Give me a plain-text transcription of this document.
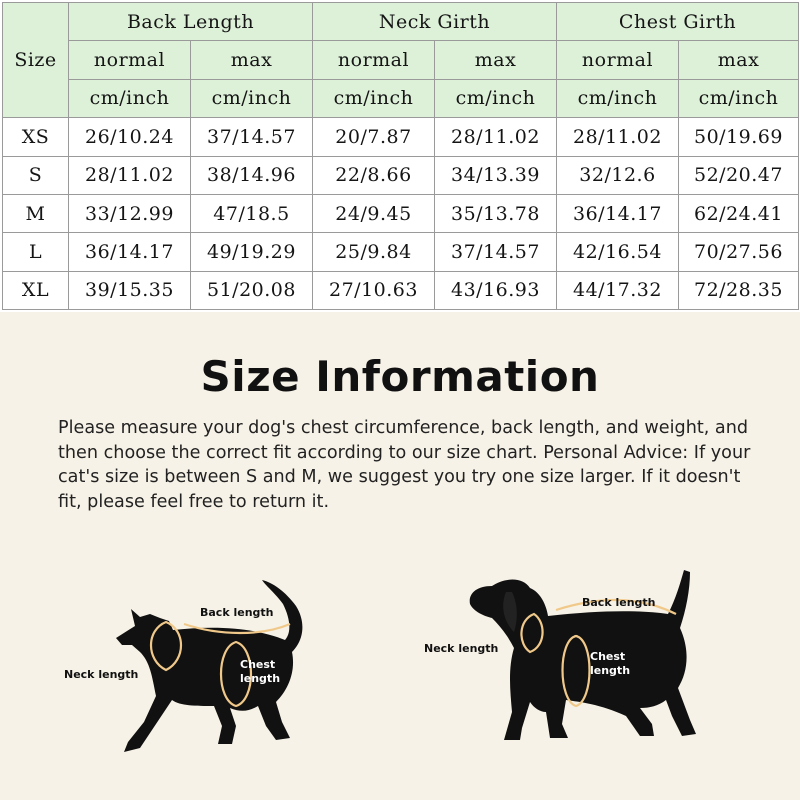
Size	Back Length		Neck Girth		Chest Girth	
	normal	max	normal	max	normal	max
	cm/inch	cm/inch	cm/inch	cm/inch	cm/inch	cm/inch
XS	26/10.24	37/14.57	20/7.87	28/11.02	28/11.02	50/19.69
S	28/11.02	38/14.96	22/8.66	34/13.39	32/12.6	52/20.47
M	33/12.99	47/18.5	24/9.45	35/13.78	36/14.17	62/24.41
L	36/14.17	49/19.29	25/9.84	37/14.57	42/16.54	70/27.56
XL	39/15.35	51/20.08	27/10.63	43/16.93	44/17.32	72/28.35
Size Information

Please measure your dog's chest circumference, back length, and weight, and then choose the correct fit according to our size chart. Personal Advice: If your cat's size is between S and M, we suggest you try one size larger. If it doesn't fit, please feel free to return it.

Back length
Neck length
Chest
length
Back length
Neck length
Chest
length
